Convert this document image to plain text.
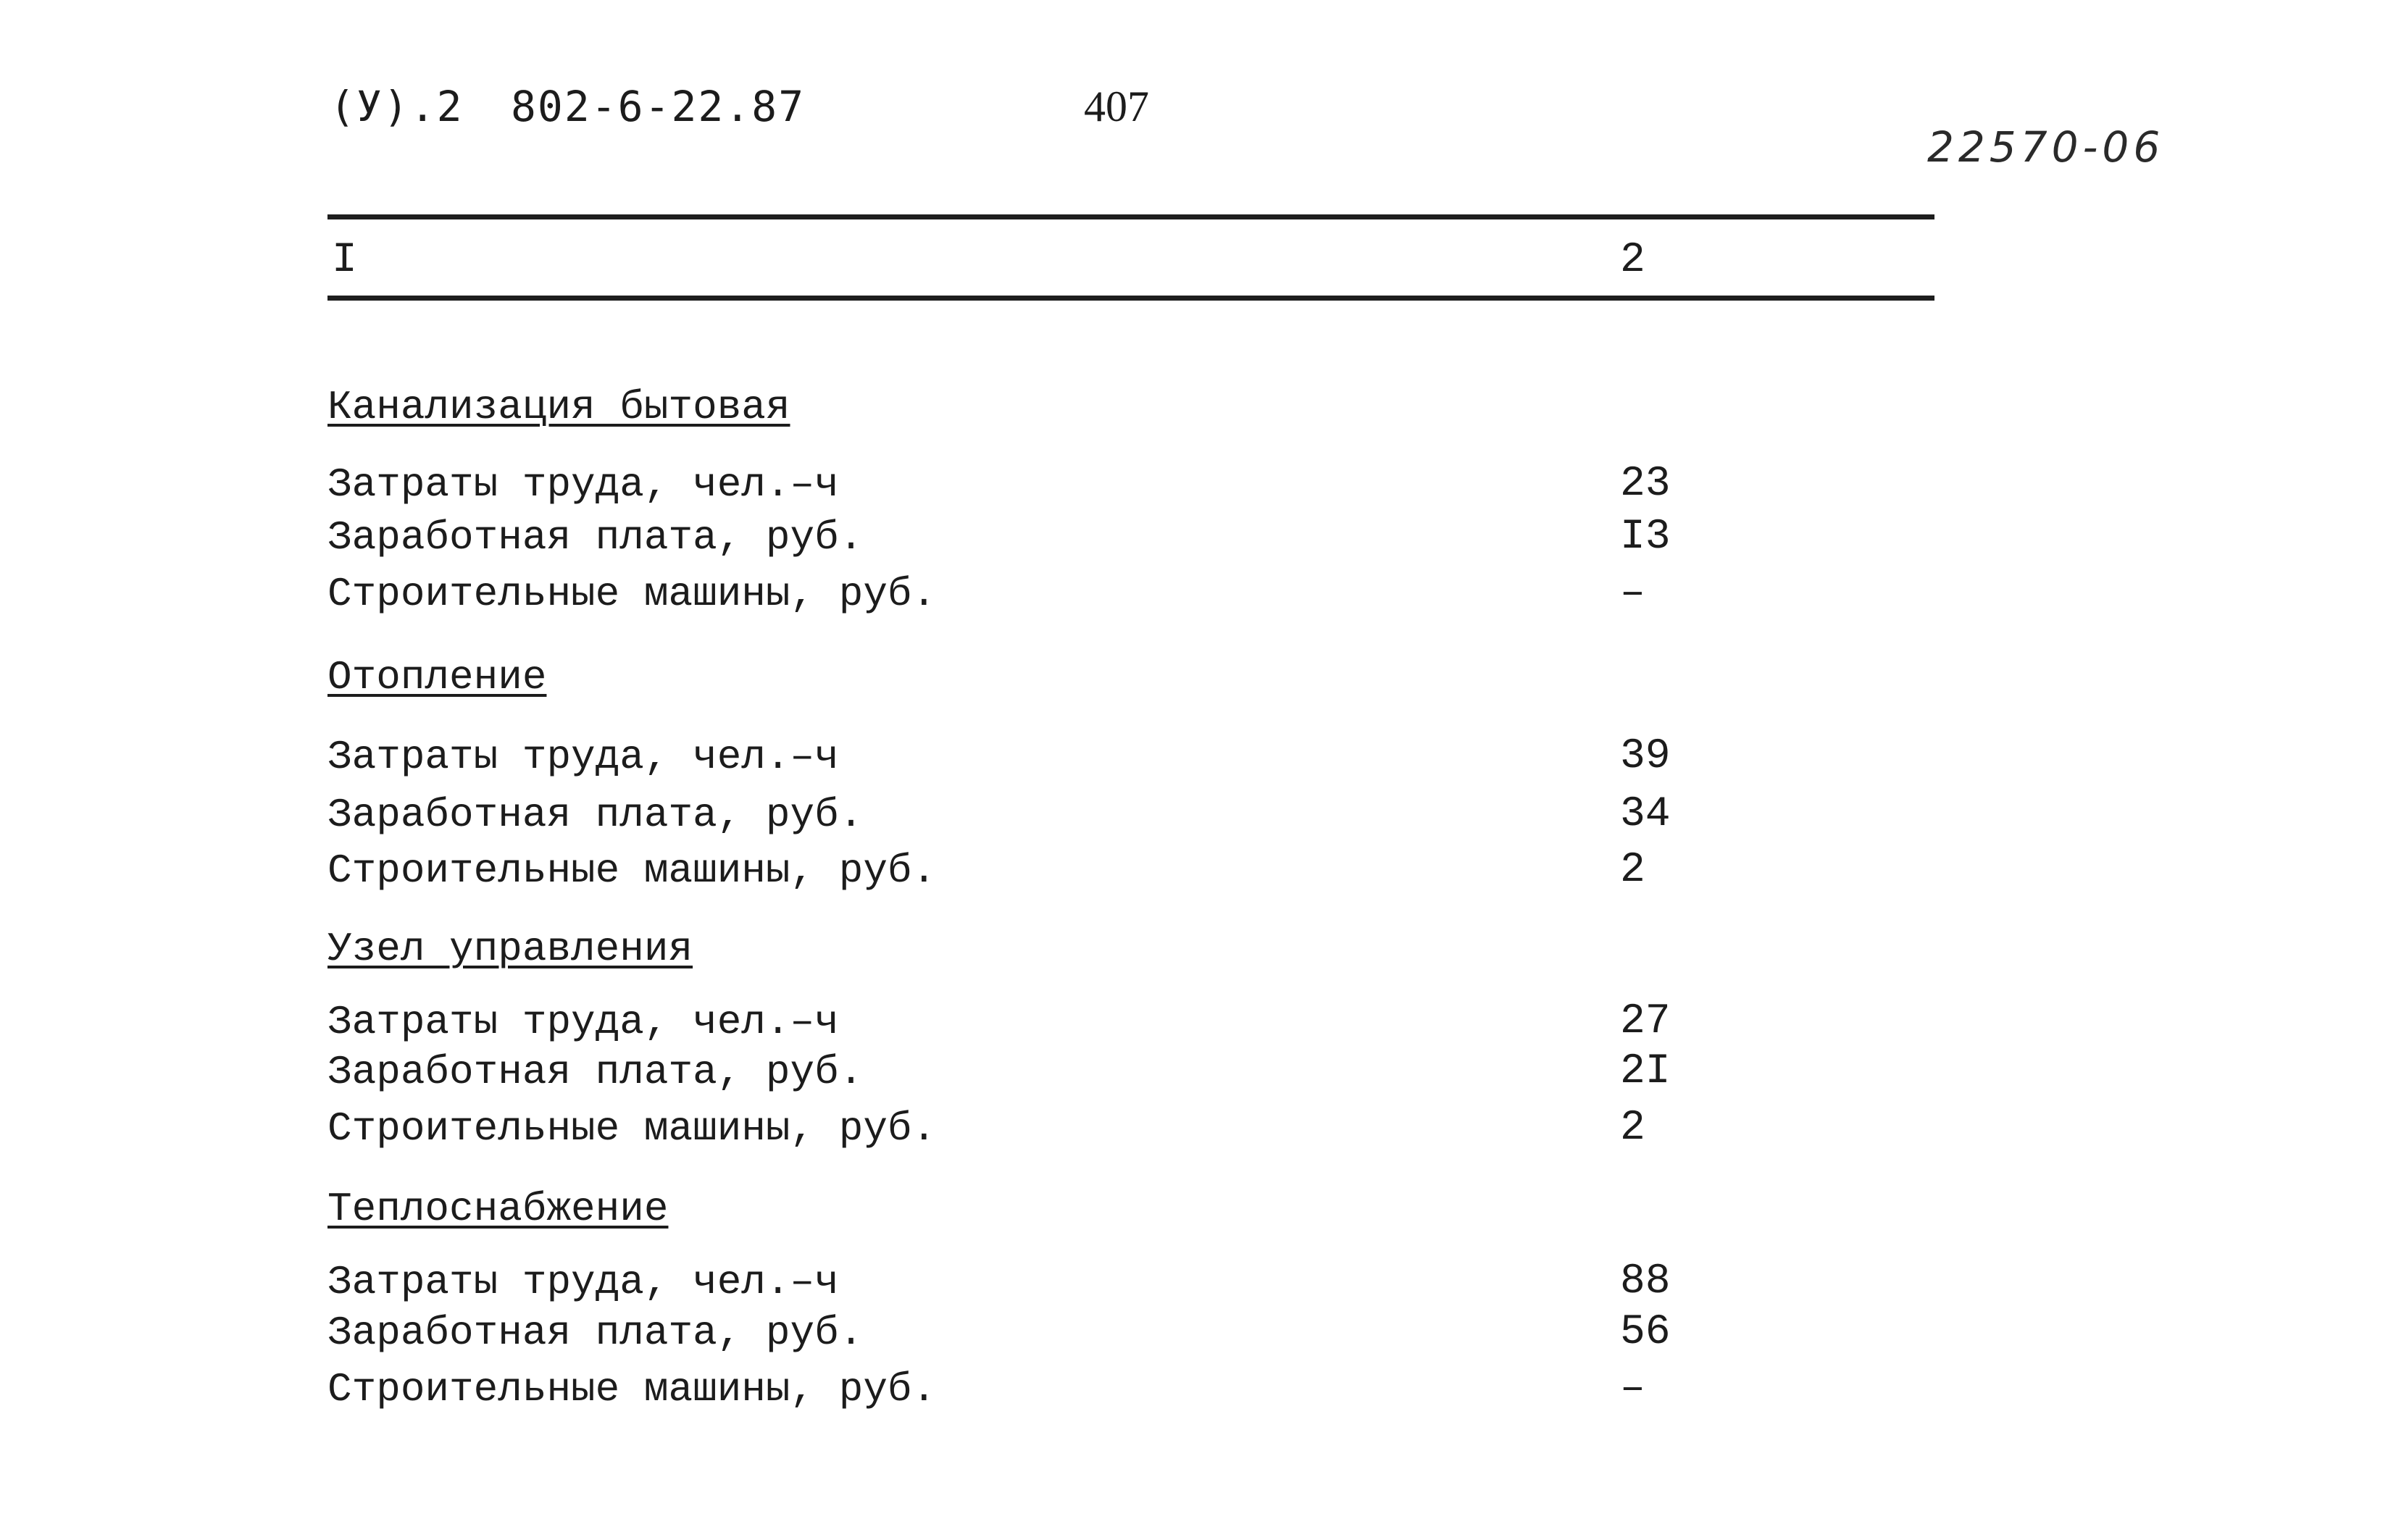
(У).2 802-6-22.87	407
22570-06
I	2
Канализация бытовая
Затраты труда, чел.–ч	23
Заработная плата, руб.	I3
Строительные машины, руб.	–
Отопление
Затраты труда, чел.–ч	39
Заработная плата, руб.	34
Строительные машины, руб.	2
Узел управления
Затраты труда, чел.–ч	27
Заработная плата, руб.	2I
Строительные машины, руб.	2
Теплоснабжение
Затраты труда, чел.–ч	88
Заработная плата, руб.	56
Строительные машины, руб.	–
